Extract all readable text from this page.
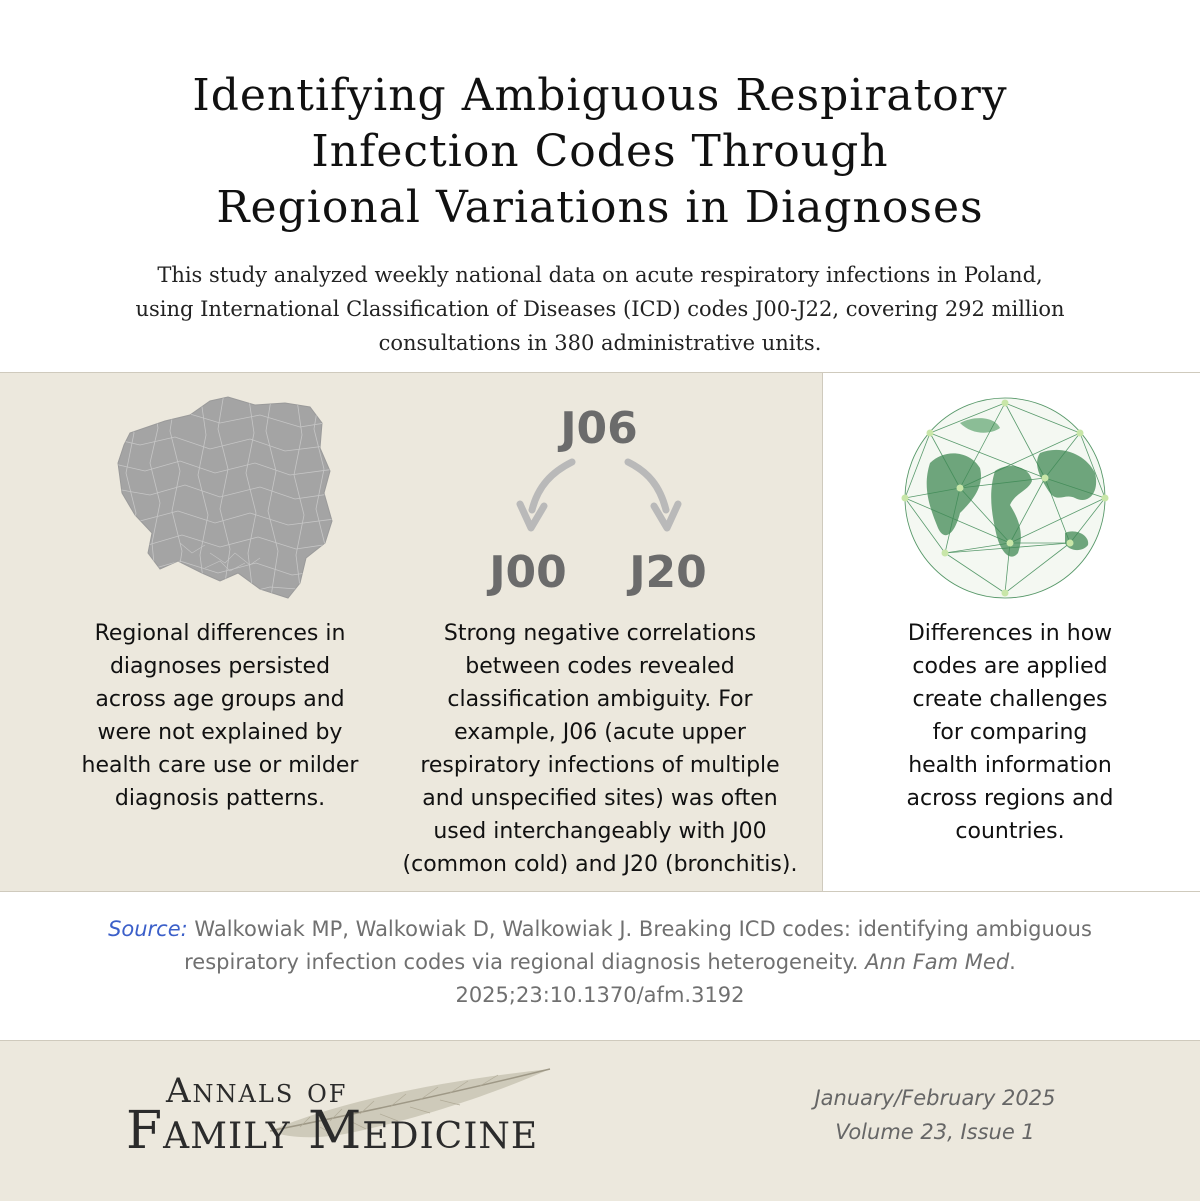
Identifying Ambiguous Respiratory
Infection Codes Through
Regional Variations in Diagnoses
This study analyzed weekly national data on acute respiratory infections in Poland,
using International Classification of Diseases (ICD) codes J00-J22, covering 292 million
consultations in 380 administrative units.
Regional differences in
diagnoses persisted
across age groups and
were not explained by
health care use or milder
diagnosis patterns.
J06
J00	J20
Strong negative correlations
between codes revealed
classification ambiguity. For
example, J06 (acute upper
respiratory infections of multiple
and unspecified sites) was often
used interchangeably with J00
(common cold) and J20 (bronchitis).
Differences in how
codes are applied
create challenges
for comparing
health information
across regions and
countries.
Source: Walkowiak MP, Walkowiak D, Walkowiak J. Breaking ICD codes: identifying ambiguous respiratory infection codes via regional diagnosis heterogeneity. Ann Fam Med. 2025;23:10.1370/afm.3192
Annals of
Family Medicine
January/February 2025
Volume 23, Issue 1
